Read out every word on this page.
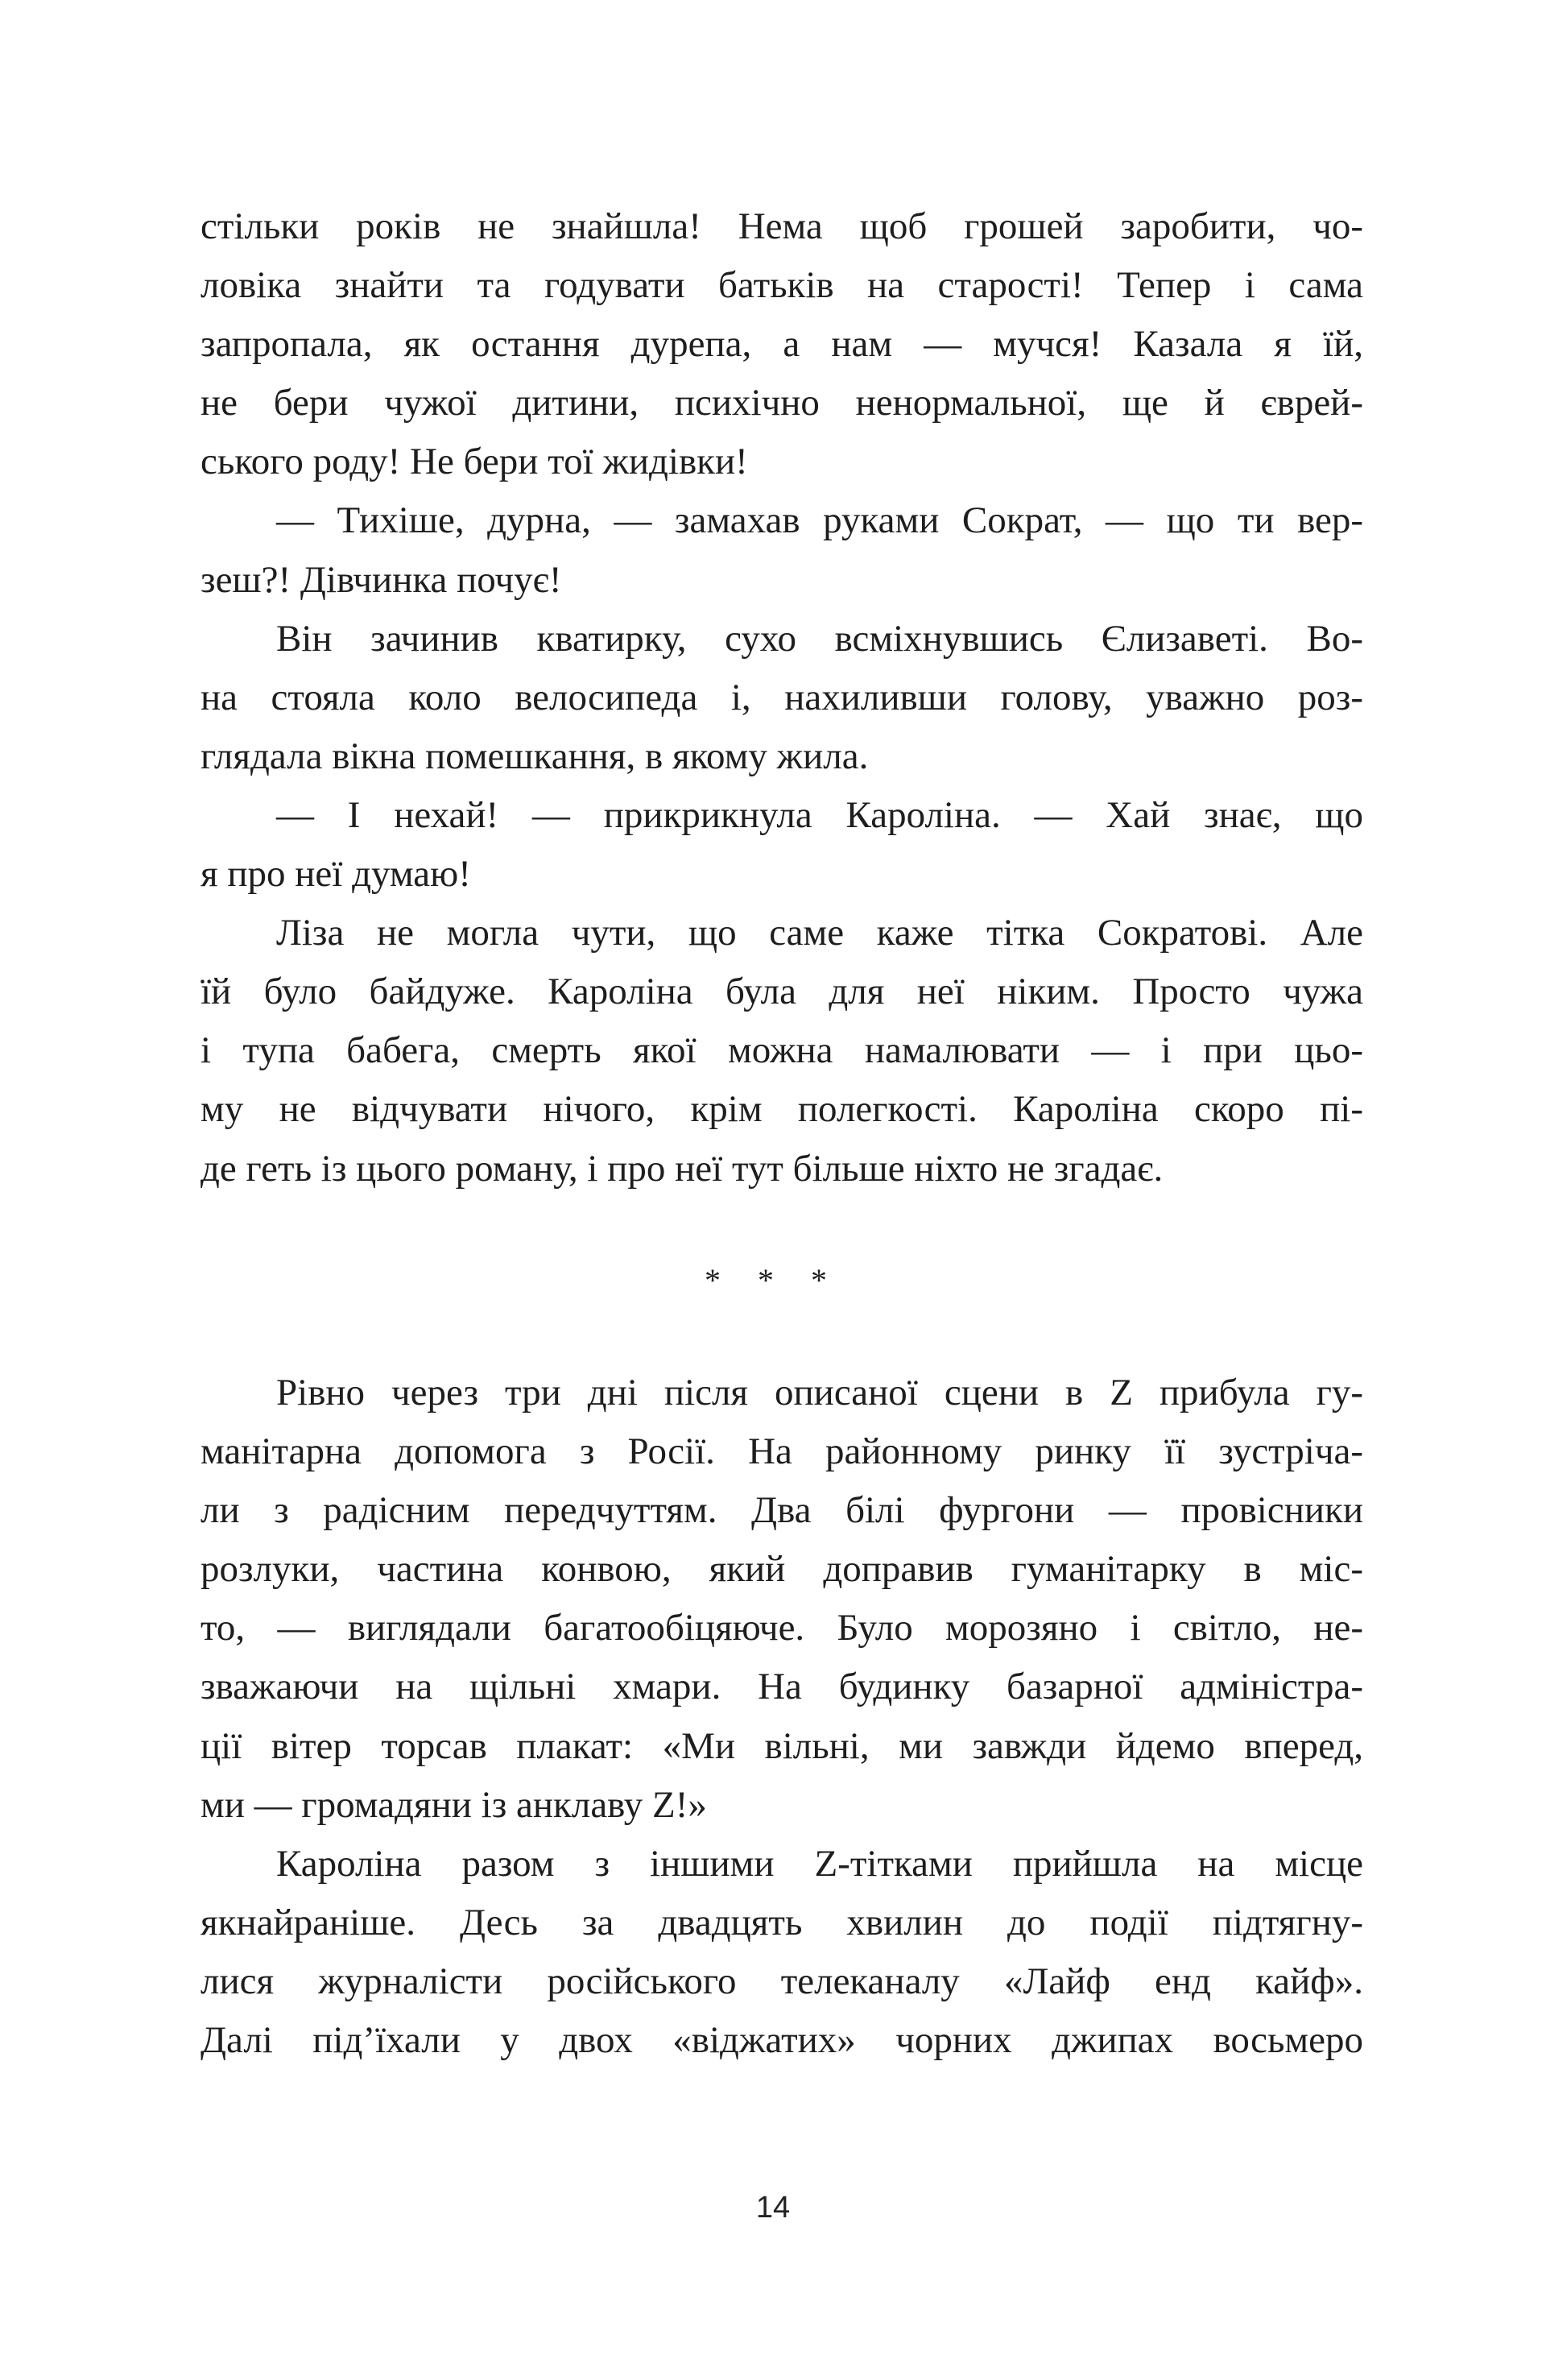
стільки років не знайшла! Нема щоб грошей заробити, чо-
ловіка знайти та годувати батьків на старості! Тепер і сама
запропала, як остання дурепа, а нам — мучся! Казала я їй,
не бери чужої дитини, психічно ненормальної, ще й єврей-
ського роду! Не бери тої жидівки!
— Тихіше, дурна, — замахав руками Сократ, — що ти вер-
зеш?! Дівчинка почує!
Він зачинив кватирку, сухо всміхнувшись Єлизаветі. Во-
на стояла коло велосипеда і, нахиливши голову, уважно роз-
глядала вікна помешкання, в якому жила.
— І нехай! — прикрикнула Кароліна. — Хай знає, що
я про неї думаю!
Ліза не могла чути, що саме каже тітка Сократові. Але
їй було байдуже. Кароліна була для неї ніким. Просто чужа
і тупа бабега, смерть якої можна намалювати — і при цьо-
му не відчувати нічого, крім полегкості. Кароліна скоро пі-
де геть із цього роману, і про неї тут більше ніхто не згадає.
* * *
Рівно через три дні після описаної сцени в Z прибула гу-
манітарна допомога з Росії. На районному ринку її зустріча-
ли з радісним передчуттям. Два білі фургони — провісники
розлуки, частина конвою, який доправив гуманітарку в міс-
то, — виглядали багатообіцяюче. Було морозяно і світло, не-
зважаючи на щільні хмари. На будинку базарної адміністра-
ції вітер торсав плакат: «Ми вільні, ми завжди йдемо вперед,
ми — громадяни із анклаву Z!»
Кароліна разом з іншими Z-тітками прийшла на місце
якнайраніше. Десь за двадцять хвилин до події підтягну-
лися журналісти російського телеканалу «Лайф енд кайф».
Далі під’їхали у двох «віджатих» чорних джипах восьмеро
14
